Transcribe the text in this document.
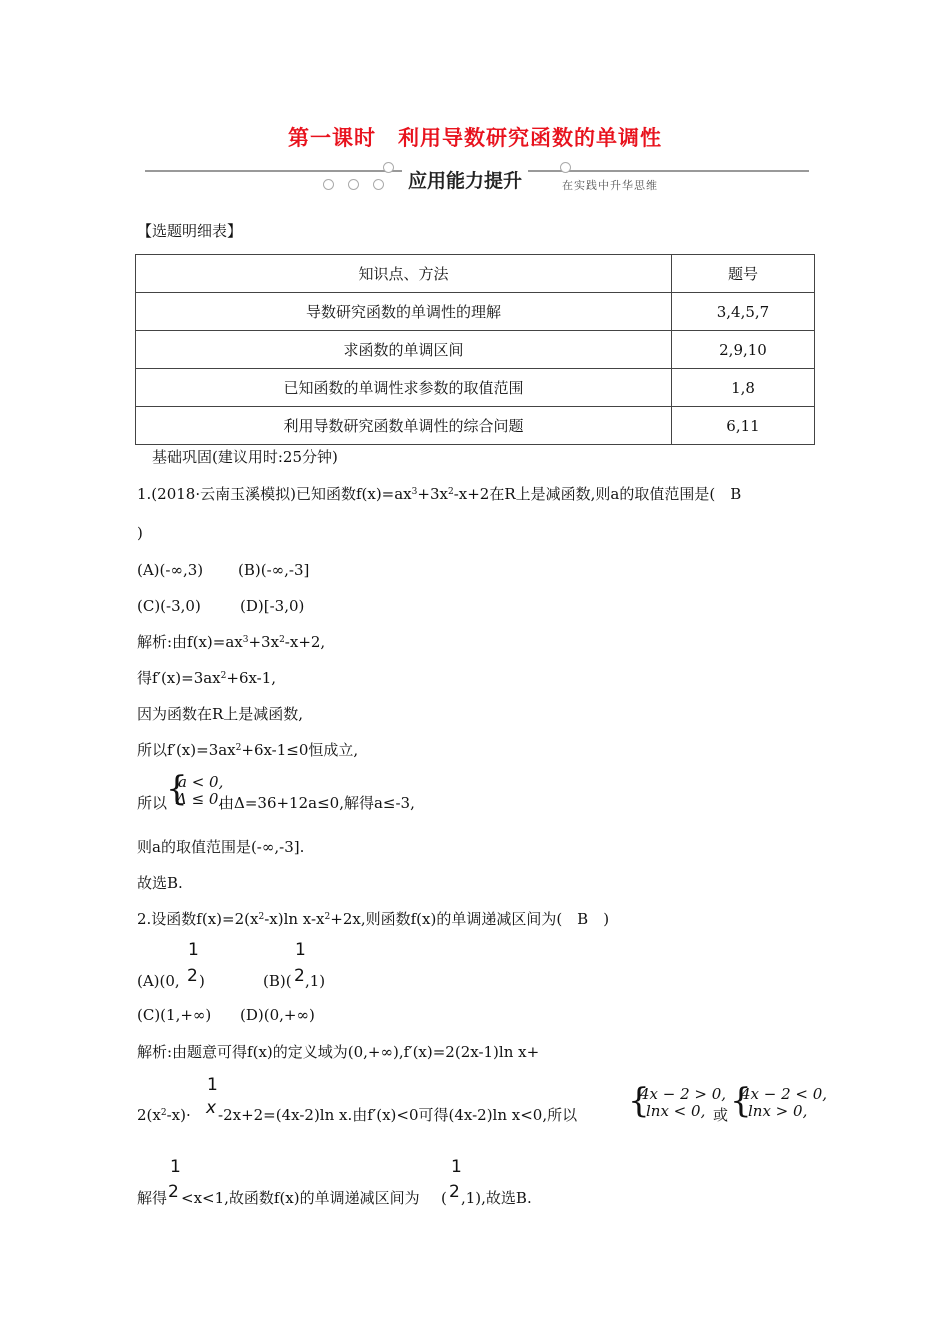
第一课时　利用导数研究函数的单调性
应用能力提升	在实践中升华思维
【选题明细表】
知识点、方法	题号
导数研究函数的单调性的理解	3,4,5,7
求函数的单调区间	2,9,10
已知函数的单调性求参数的取值范围	1,8
利用导数研究函数单调性的综合问题	6,11
基础巩固(建议用时:25分钟)
1.(2018·云南玉溪模拟)已知函数$f(x)=ax^3+3x^2-x+2$在R上是减函数,则a的取值范围是(　B
)
(A)(-∞,3) (B)(-∞,-3]
(C)(-3,0)	(D)[-3,0)
解析:由$f(x)=ax^3+3x^2-x+2$,
得$f'(x)=3ax^2+6x-1$,
因为函数在R上是减函数,
所以$f'(x)=3ax^2+6x-1\le 0$恒成立,
所以
{
a < 0,
Δ ≤ 0,
由Δ=36+12a≤0,解得a≤-3,
则a的取值范围是(-∞,-3].
故选B.
2.设函数$f(x)=2(x^2-x)\ln$ $x-x^2+2x$,则函数f(x)的单调递减区间为(　B　)
1
2
(A)(0, )
1
2
(B)( ,1)
(C)(1,+∞) (D)(0,+∞)
解析:由题意可得f(x)的定义域为(0,+∞),f′(x)=2(2x-1)ln x+
1
x
$2(x^2-x)\cdot -2x+2=(4x-2)\ln$ x.由f′(x)<0可得(4x-2)ln x<0,所以 {
4x − 2 > 0,
lnx < 0, 或 {
4x − 2 < 0,
lnx > 0,
1
2
解得 <x<1,故函数f(x)的单调递减区间为
1
( 2 ,1),故选B.
